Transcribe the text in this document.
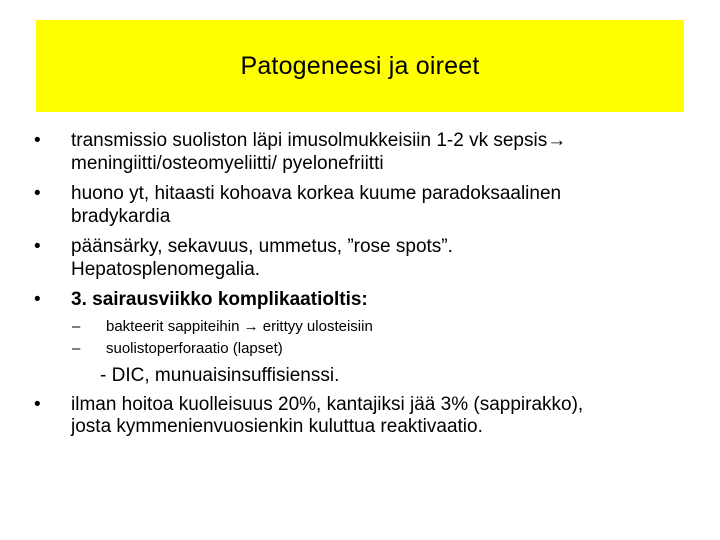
Patogeneesi ja oireet
•	transmissio suoliston läpi imusolmukkeisiin 1-2 vk sepsis→
meningiitti/osteomyeliitti/ pyelonefriitti
•	huono yt, hitaasti kohoava korkea kuume paradoksaalinen
bradykardia
•	päänsärky, sekavuus, ummetus, ”rose spots”.
Hepatosplenomegalia.
•	3. sairausviikko komplikaatioltis:
– bakteerit sappiteihin → erittyy ulosteisiin
– suolistoperforaatio (lapset)
- DIC, munuaisinsuffisienssi.
•	ilman hoitoa kuolleisuus 20%, kantajiksi jää 3% (sappirakko),
josta kymmenienvuosienkin kuluttua reaktivaatio.
